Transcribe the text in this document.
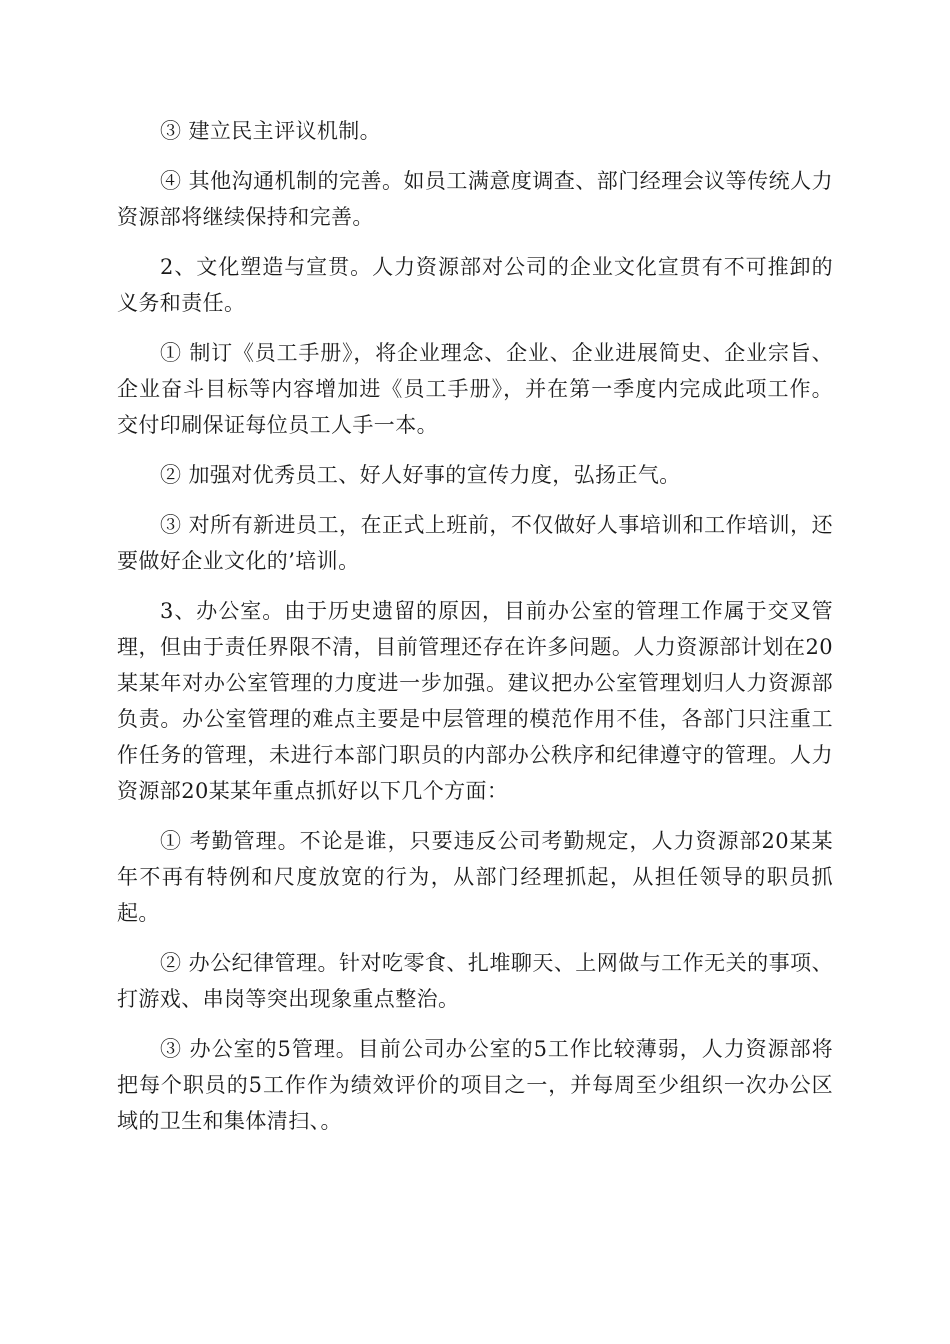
③ 建立民主评议机制。

④ 其他沟通机制的完善。如员工满意度调查、部门经理会议等传统人力资源部将继续保持和完善。

2、文化塑造与宣贯。人力资源部对公司的企业文化宣贯有不可推卸的义务和责任。

① 制订《员工手册》，将企业理念、企业、企业进展简史、企业宗旨、企业奋斗目标等内容增加进《员工手册》，并在第一季度内完成此项工作。交付印刷保证每位员工人手一本。

② 加强对优秀员工、好人好事的宣传力度，弘扬正气。

③ 对所有新进员工，在正式上班前，不仅做好人事培训和工作培训，还要做好企业文化的’培训。

3、办公室。由于历史遗留的原因，目前办公室的管理工作属于交叉管理，但由于责任界限不清，目前管理还存在许多问题。人力资源部计划在20某某年对办公室管理的力度进一步加强。建议把办公室管理划归人力资源部负责。办公室管理的难点主要是中层管理的模范作用不佳，各部门只注重工作任务的管理，未进行本部门职员的内部办公秩序和纪律遵守的管理。人力资源部20某某年重点抓好以下几个方面：

① 考勤管理。不论是谁，只要违反公司考勤规定，人力资源部20某某年不再有特例和尺度放宽的行为，从部门经理抓起，从担任领导的职员抓起。

② 办公纪律管理。针对吃零食、扎堆聊天、上网做与工作无关的事项、打游戏、串岗等突出现象重点整治。

③ 办公室的5管理。目前公司办公室的5工作比较薄弱，人力资源部将把每个职员的5工作作为绩效评价的项目之一，并每周至少组织一次办公区域的卫生和集体清扫、。
